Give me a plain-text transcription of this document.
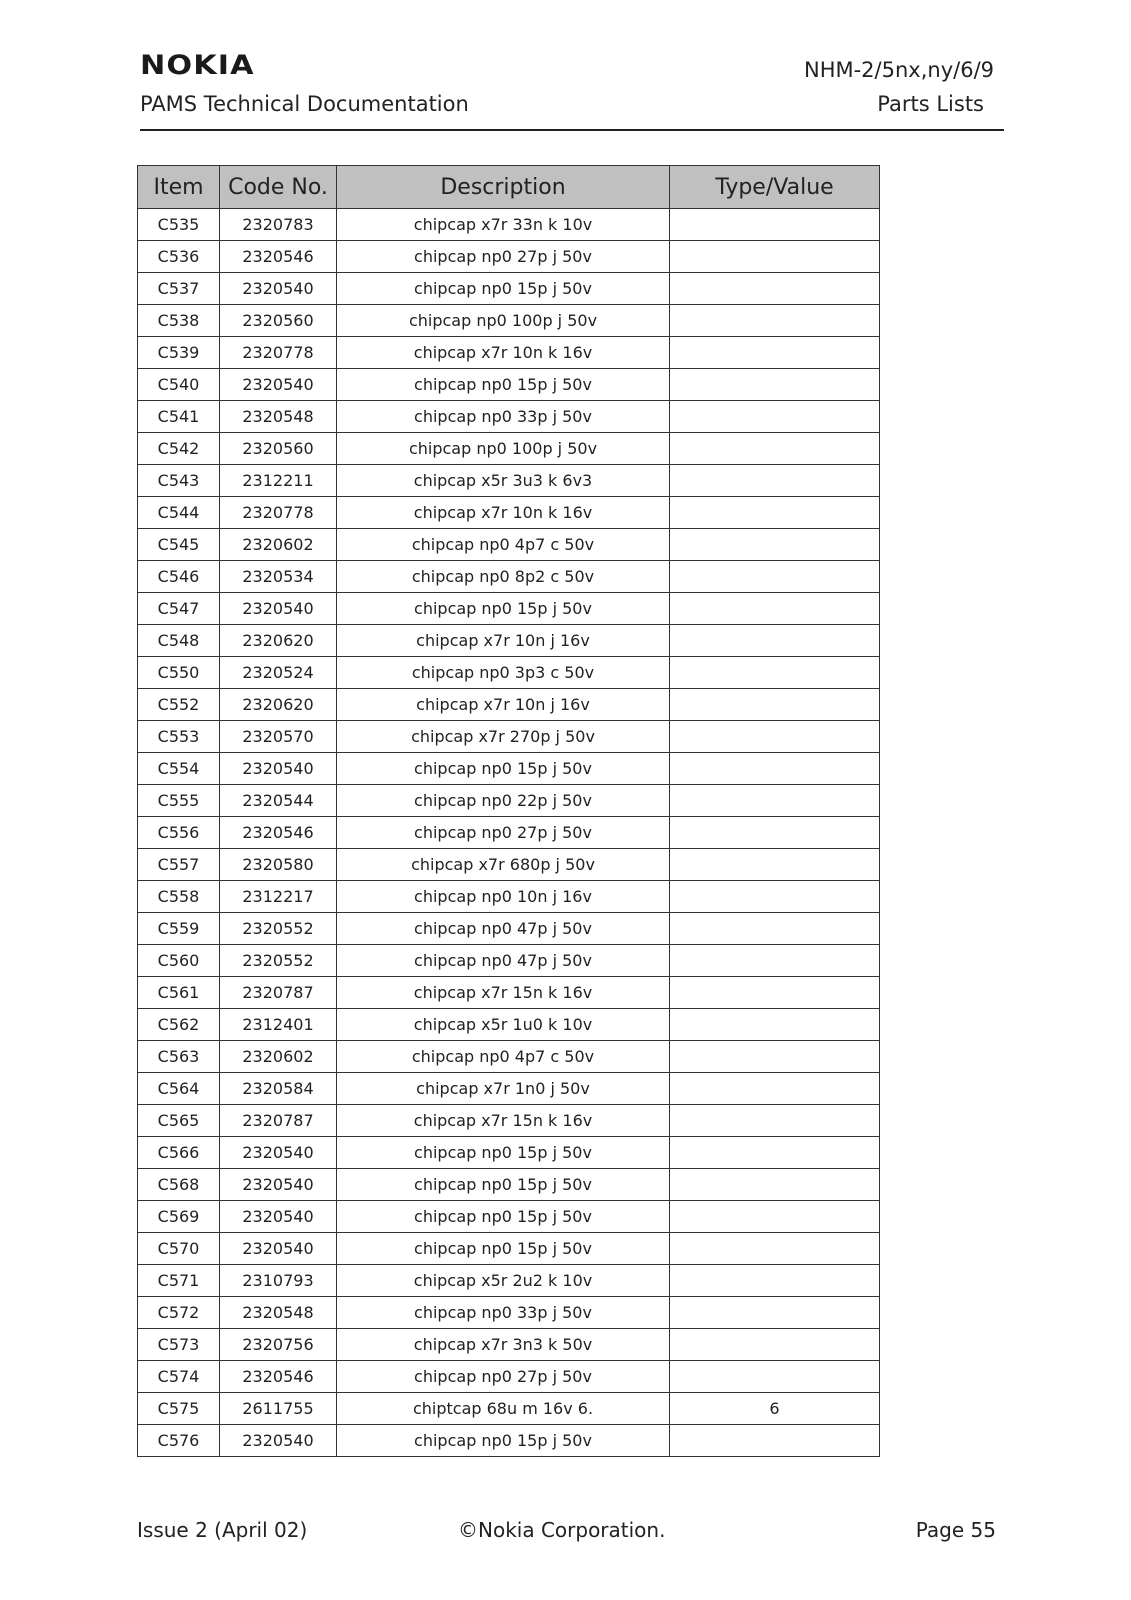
NOKIA	NHM-2/5nx,ny/6/9
PAMS Technical Documentation	Parts Lists
Item	Code No.	Description	Type/Value
C535	2320783	chipcap x7r 33n k 10v	
C536	2320546	chipcap np0 27p j 50v	
C537	2320540	chipcap np0 15p j 50v	
C538	2320560	chipcap np0 100p j 50v	
C539	2320778	chipcap x7r 10n k 16v	
C540	2320540	chipcap np0 15p j 50v	
C541	2320548	chipcap np0 33p j 50v	
C542	2320560	chipcap np0 100p j 50v	
C543	2312211	chipcap x5r 3u3 k 6v3	
C544	2320778	chipcap x7r 10n k 16v	
C545	2320602	chipcap np0 4p7 c 50v	
C546	2320534	chipcap np0 8p2 c 50v	
C547	2320540	chipcap np0 15p j 50v	
C548	2320620	chipcap x7r 10n j 16v	
C550	2320524	chipcap np0 3p3 c 50v	
C552	2320620	chipcap x7r 10n j 16v	
C553	2320570	chipcap x7r 270p j 50v	
C554	2320540	chipcap np0 15p j 50v	
C555	2320544	chipcap np0 22p j 50v	
C556	2320546	chipcap np0 27p j 50v	
C557	2320580	chipcap x7r 680p j 50v	
C558	2312217	chipcap np0 10n j 16v	
C559	2320552	chipcap np0 47p j 50v	
C560	2320552	chipcap np0 47p j 50v	
C561	2320787	chipcap x7r 15n k 16v	
C562	2312401	chipcap x5r 1u0 k 10v	
C563	2320602	chipcap np0 4p7 c 50v	
C564	2320584	chipcap x7r 1n0 j 50v	
C565	2320787	chipcap x7r 15n k 16v	
C566	2320540	chipcap np0 15p j 50v	
C568	2320540	chipcap np0 15p j 50v	
C569	2320540	chipcap np0 15p j 50v	
C570	2320540	chipcap np0 15p j 50v	
C571	2310793	chipcap x5r 2u2 k 10v	
C572	2320548	chipcap np0 33p j 50v	
C573	2320756	chipcap x7r 3n3 k 50v	
C574	2320546	chipcap np0 27p j 50v	
C575	2611755	chiptcap 68u m 16v 6.	6
C576	2320540	chipcap np0 15p j 50v	
Issue 2 (April 02)	©Nokia Corporation.	Page 55
